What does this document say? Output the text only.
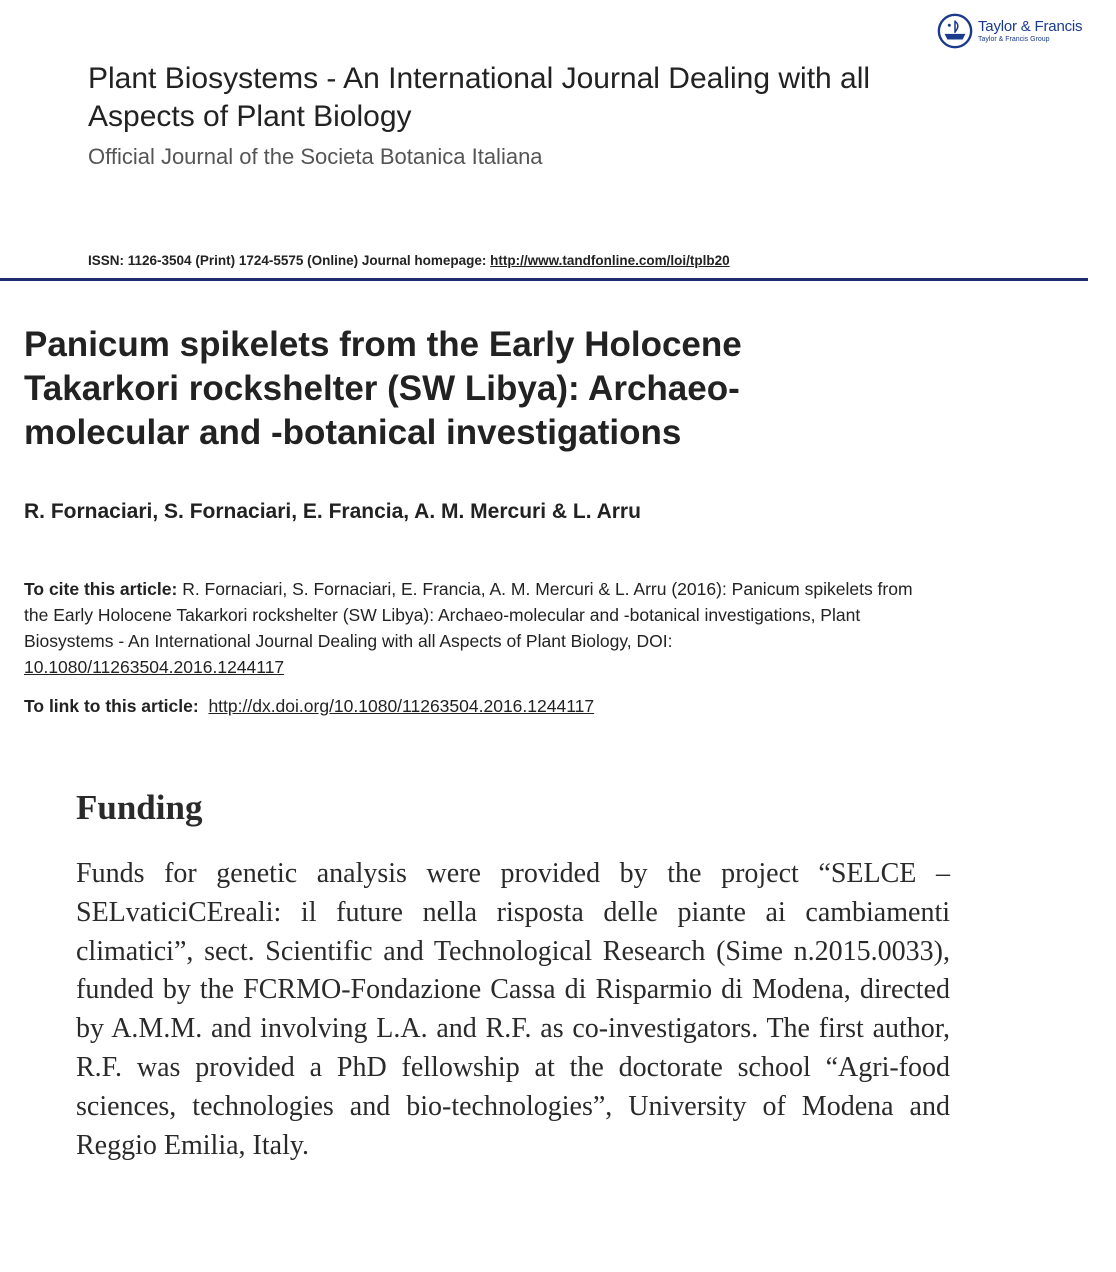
Taylor & Francis
Taylor & Francis Group
Plant Biosystems - An International Journal Dealing with all Aspects of Plant Biology
Official Journal of the Societa Botanica Italiana
ISSN: 1126-3504 (Print) 1724-5575 (Online) Journal homepage: http://www.tandfonline.com/loi/tplb20
Panicum spikelets from the Early Holocene Takarkori rockshelter (SW Libya): Archaeo-molecular and -botanical investigations
R. Fornaciari, S. Fornaciari, E. Francia, A. M. Mercuri & L. Arru

To cite this article: R. Fornaciari, S. Fornaciari, E. Francia, A. M. Mercuri & L. Arru (2016): Panicum spikelets from the Early Holocene Takarkori rockshelter (SW Libya): Archaeo-molecular and -botanical investigations, Plant Biosystems - An International Journal Dealing with all Aspects of Plant Biology, DOI: 10.1080/11263504.2016.1244117

To link to this article: http://dx.doi.org/10.1080/11263504.2016.1244117
Funding

Funds for genetic analysis were provided by the project “SELCE – SELvaticiCEreali: il future nella risposta delle piante ai cambiamenti climatici”, sect. Scientific and Technological Research (Sime n.2015.0033), funded by the FCRMO-Fondazione Cassa di Risparmio di Modena, directed by A.M.M. and involving L.A. and R.F. as co-investigators. The first author, R.F. was provided a PhD fellowship at the doctorate school “Agri-food sciences, technologies and bio-technologies”, University of Modena and Reggio Emilia, Italy.
